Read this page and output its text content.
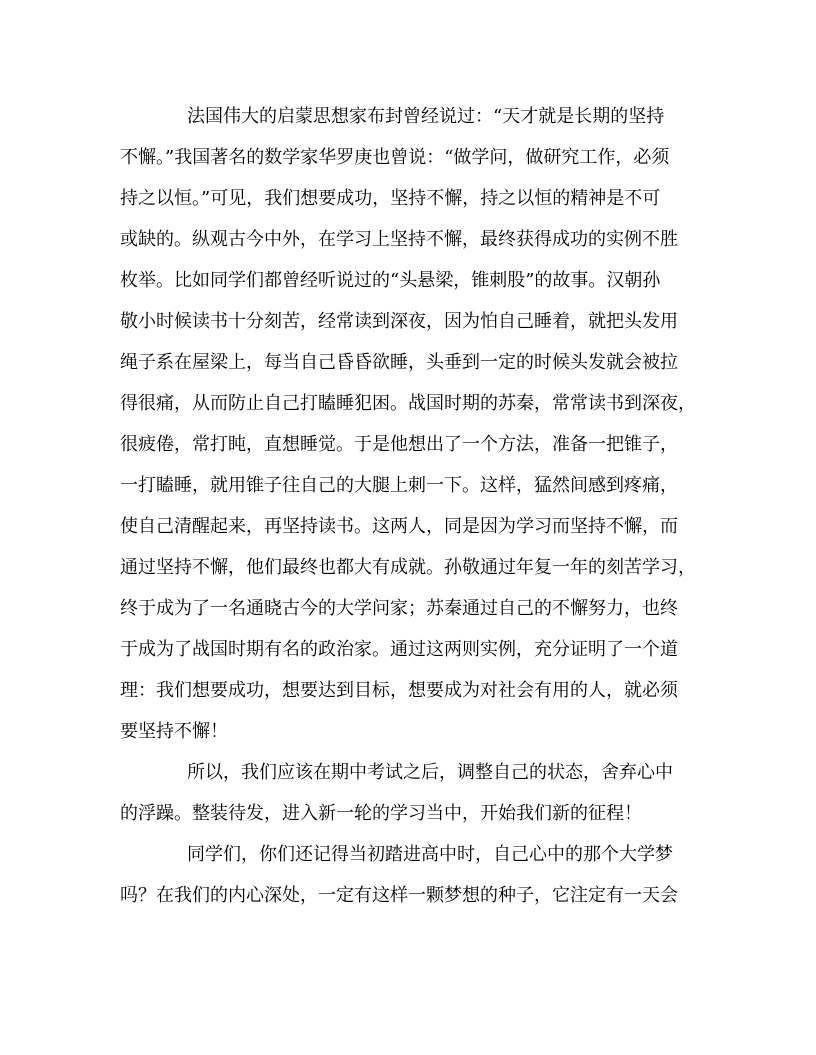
法国伟大的启蒙思想家布封曾经说过：“天才就是长期的坚持
不懈。”我国著名的数学家华罗庚也曾说：“做学问，做研究工作，必须
持之以恒。”可见，我们想要成功，坚持不懈，持之以恒的精神是不可
或缺的。纵观古今中外，在学习上坚持不懈，最终获得成功的实例不胜
枚举。比如同学们都曾经听说过的“头悬梁，锥刺股”的故事。汉朝孙
敬小时候读书十分刻苦，经常读到深夜，因为怕自己睡着，就把头发用
绳子系在屋梁上，每当自己昏昏欲睡，头垂到一定的时候头发就会被拉
得很痛，从而防止自己打瞌睡犯困。战国时期的苏秦，常常读书到深夜，
很疲倦，常打盹，直想睡觉。于是他想出了一个方法，准备一把锥子，
一打瞌睡，就用锥子往自己的大腿上刺一下。这样，猛然间感到疼痛，
使自己清醒起来，再坚持读书。这两人，同是因为学习而坚持不懈，而
通过坚持不懈，他们最终也都大有成就。孙敬通过年复一年的刻苦学习，
终于成为了一名通晓古今的大学问家；苏秦通过自己的不懈努力，也终
于成为了战国时期有名的政治家。通过这两则实例，充分证明了一个道
理：我们想要成功，想要达到目标，想要成为对社会有用的人，就必须
要坚持不懈！
所以，我们应该在期中考试之后，调整自己的状态，舍弃心中
的浮躁。整装待发，进入新一轮的学习当中，开始我们新的征程！
同学们，你们还记得当初踏进高中时，自己心中的那个大学梦
吗？在我们的内心深处，一定有这样一颗梦想的种子，它注定有一天会
